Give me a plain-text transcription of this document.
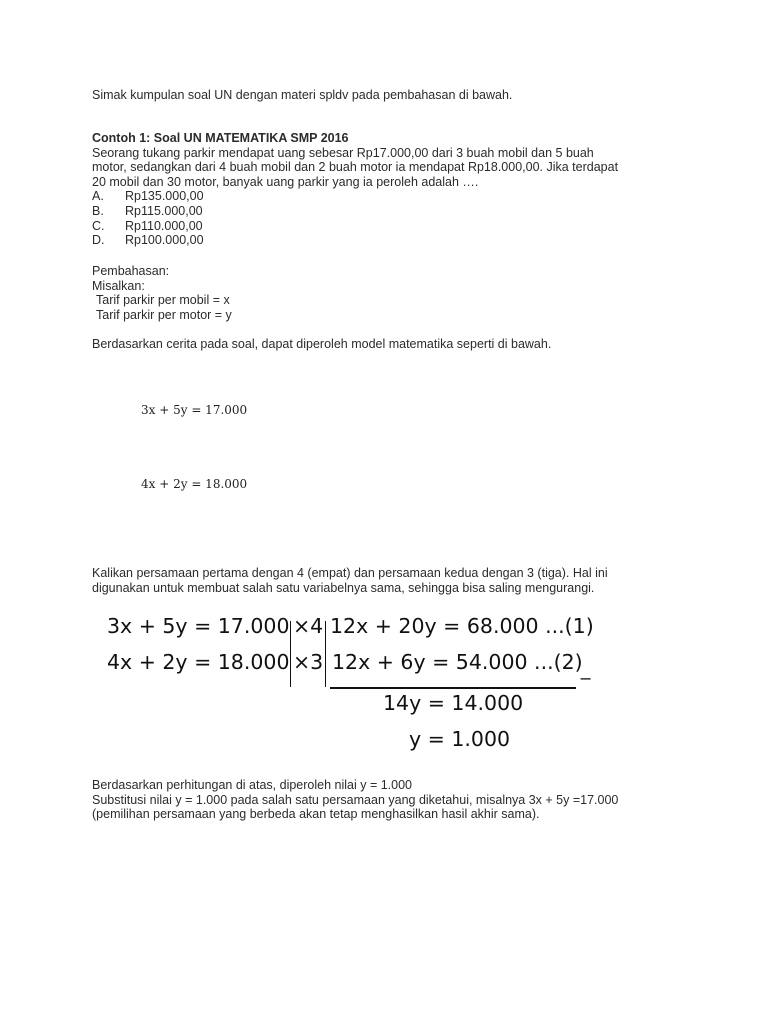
Simak kumpulan soal UN dengan materi spldv pada pembahasan di bawah.
Contoh 1: Soal UN MATEMATIKA SMP 2016
Seorang tukang parkir mendapat uang sebesar Rp17.000,00 dari 3 buah mobil dan 5 buah
motor, sedangkan dari 4 buah mobil dan 2 buah motor ia mendapat Rp18.000,00. Jika terdapat
20 mobil dan 30 motor, banyak uang parkir yang ia peroleh adalah ….
A.	Rp135.000,00
B.	Rp115.000,00
C.	Rp110.000,00
D.	Rp100.000,00
Pembahasan:
Misalkan:
Tarif parkir per mobil = x
Tarif parkir per motor = y
Berdasarkan cerita pada soal, dapat diperoleh model matematika seperti di bawah.
3x + 5y = 17.000
4x + 2y = 18.000
Kalikan persamaan pertama dengan 4 (empat) dan persamaan kedua dengan 3 (tiga). Hal ini
digunakan untuk membuat salah satu variabelnya sama, sehingga bisa saling mengurangi.
3x + 5y = 17.000
4x + 2y = 18.000
×4
×3
12x + 20y = 68.000 ...(1)
12x + 6y = 54.000 ...(2)
−
14y = 14.000
y = 1.000
Berdasarkan perhitungan di atas, diperoleh nilai y = 1.000
Substitusi nilai y = 1.000 pada salah satu persamaan yang diketahui, misalnya 3x + 5y =17.000
(pemilihan persamaan yang berbeda akan tetap menghasilkan hasil akhir sama).
